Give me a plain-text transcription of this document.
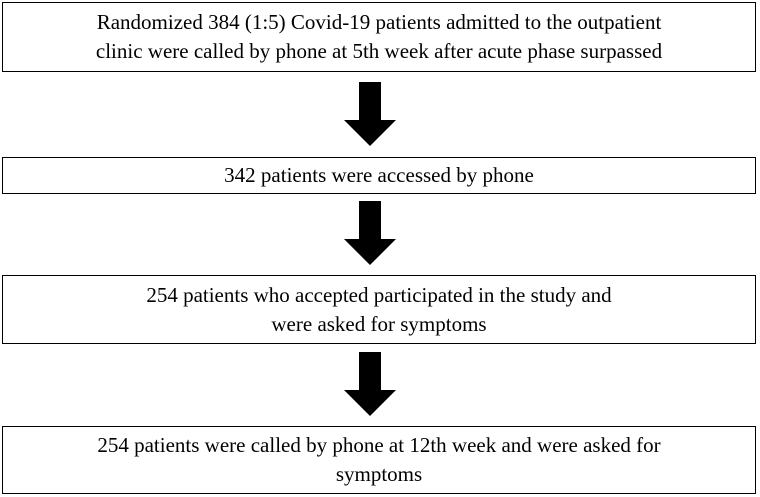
Randomized 384 (1:5) Covid-19 patients admitted to the outpatient
clinic were called by phone at 5th week after acute phase surpassed
342 patients were accessed by phone
254 patients who accepted participated in the study and
were asked for symptoms
254 patients were called by phone at 12th week and were asked for
symptoms
